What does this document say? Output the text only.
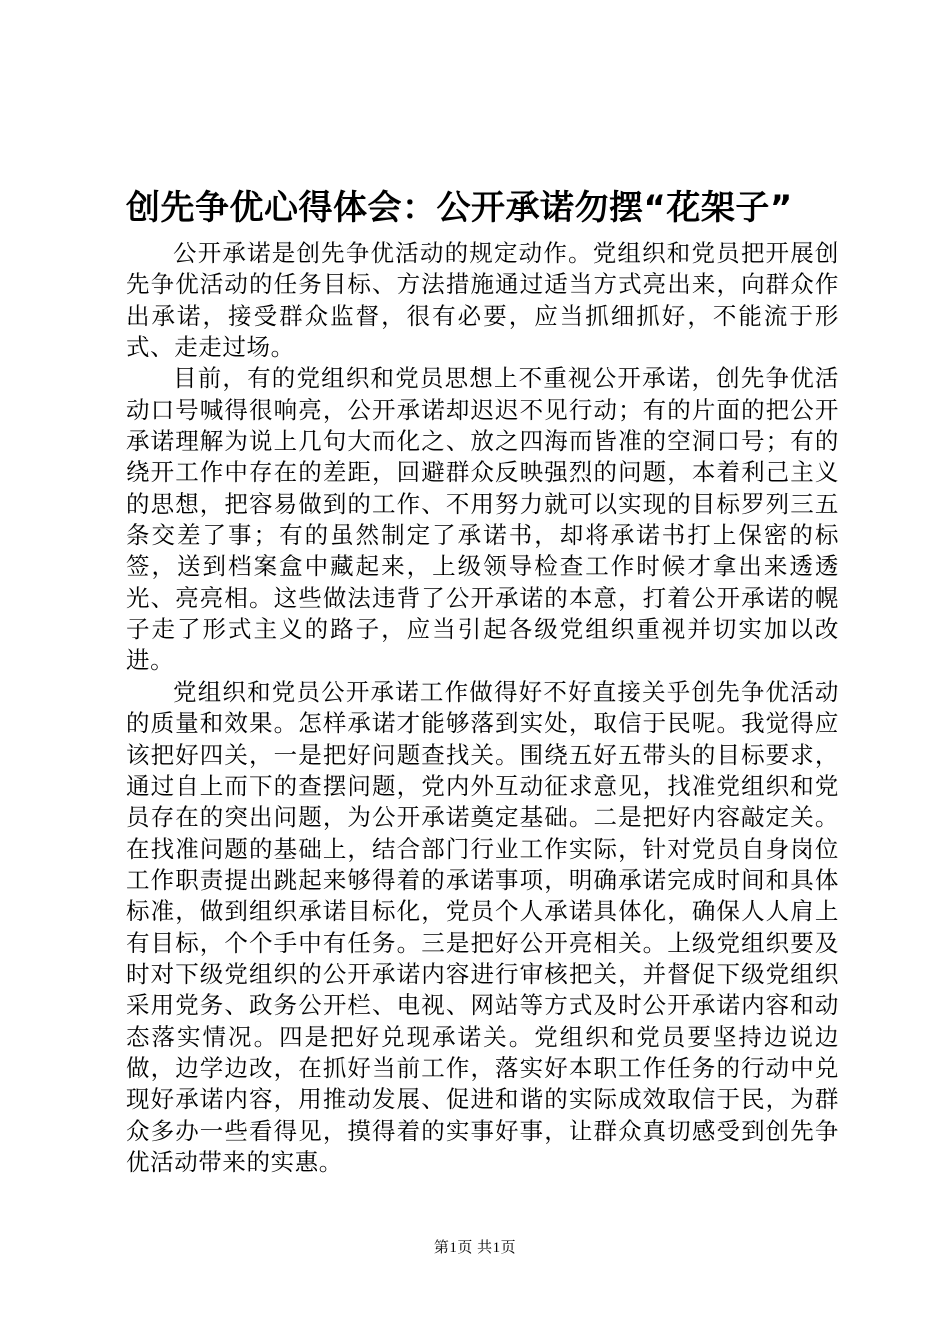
创先争优心得体会：公开承诺勿摆“花架子”

公开承诺是创先争优活动的规定动作。党组织和党员把开展创先争优活动的任务目标、方法措施通过适当方式亮出来，向群众作出承诺，接受群众监督，很有必要，应当抓细抓好，不能流于形式、走走过场。

目前，有的党组织和党员思想上不重视公开承诺，创先争优活动口号喊得很响亮，公开承诺却迟迟不见行动；有的片面的把公开承诺理解为说上几句大而化之、放之四海而皆准的空洞口号；有的绕开工作中存在的差距，回避群众反映强烈的问题，本着利己主义的思想，把容易做到的工作、不用努力就可以实现的目标罗列三五条交差了事；有的虽然制定了承诺书，却将承诺书打上保密的标签，送到档案盒中藏起来，上级领导检查工作时候才拿出来透透光、亮亮相。这些做法违背了公开承诺的本意，打着公开承诺的幌子走了形式主义的路子，应当引起各级党组织重视并切实加以改进。

党组织和党员公开承诺工作做得好不好直接关乎创先争优活动的质量和效果。怎样承诺才能够落到实处，取信于民呢。我觉得应该把好四关，一是把好问题查找关。围绕五好五带头的目标要求，通过自上而下的查摆问题，党内外互动征求意见，找准党组织和党员存在的突出问题，为公开承诺奠定基础。二是把好内容敲定关。在找准问题的基础上，结合部门行业工作实际，针对党员自身岗位工作职责提出跳起来够得着的承诺事项，明确承诺完成时间和具体标准，做到组织承诺目标化，党员个人承诺具体化，确保人人肩上有目标，个个手中有任务。三是把好公开亮相关。上级党组织要及时对下级党组织的公开承诺内容进行审核把关，并督促下级党组织采用党务、政务公开栏、电视、网站等方式及时公开承诺内容和动态落实情况。四是把好兑现承诺关。党组织和党员要坚持边说边做，边学边改，在抓好当前工作，落实好本职工作任务的行动中兑现好承诺内容，用推动发展、促进和谐的实际成效取信于民，为群众多办一些看得见，摸得着的实事好事，让群众真切感受到创先争优活动带来的实惠。

第1页 共1页
